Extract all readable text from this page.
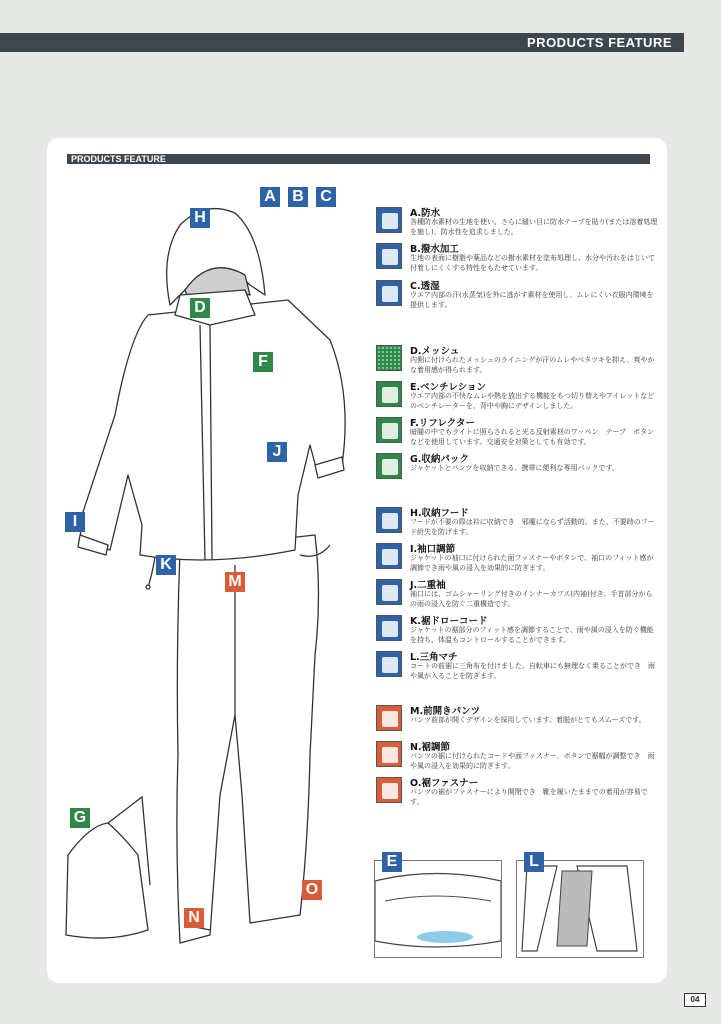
PRODUCTS FEATURE
PRODUCTS FEATURE
A B C
H
D
F
J
I
K
M
G
O
N
A.防水
各種防水素材の生地を使い、さらに縫い目に防水テープを貼り(または溶着処理を施し)、防水性を追求しました。
B.撥水加工
生地の表面に樹脂や薬品などの撥水素材を塗布処理し、水分や汚れをはじいて付着しにくくする特性をもたせています。
C.透湿
ウエア内部の汗(水蒸気)を外に逃がす素材を使用し、ムレにくい衣服内環境を提供します。
D.メッシュ
内側に付けられたメッシュのライニングが汗のムレやベタツキを抑え、爽やかな着用感が得られます。
E.ベンチレション
ウエア内部の不快なムレや熱を放出する機能をもつ切り替えやアイレットなどのベンチレーターを、背中や胸にデザインしました。
F.リフレクター
暗闇の中でもライトに照らされると光る反射素材のワッペン　テープ　ボタンなどを使用しています。交通安全対策としても有効です。
G.収納パック
ジャケットとパンツを収納できる、携帯に便利な専用パックです。
H.収納フード
フードが不要の際は衿に収納でき　邪魔にならず活動的。また、不要時のフード紛失を防げます。
I.袖口調節
ジャケットの袖口に付けられた面ファスナーやボタンで、袖口のフィット感が調節でき雨や風の浸入を効果的に防ぎます。
J.二重袖
袖口には、ゴムシャーリング付きのインナーカフス(内袖)付き。手首部分からの雨の浸入を防ぐ二重構造です。
K.裾ドローコード
ジャケットの裾部分のフィット感を調節することで、雨や風の浸入を防ぐ機能を持ち、体温もコントロールすることができます。
L.三角マチ
コートの前裾に三角布を付けました。自転車にも無理なく乗ることができ　雨や風が入ることを防ぎます。
M.前開きパンツ
パンツ前部が開くデザインを採用しています。着脱がとてもスムーズです。
N.裾調節
パンツの裾に付けられたコードや面ファスナー、ボタンで裾幅が調整でき　雨や風の浸入を効果的に防ぎます。
O.裾ファスナー
パンツの裾がファスナーにより開閉でき　靴を履いたままでの着用が容易です。
E	L
04
